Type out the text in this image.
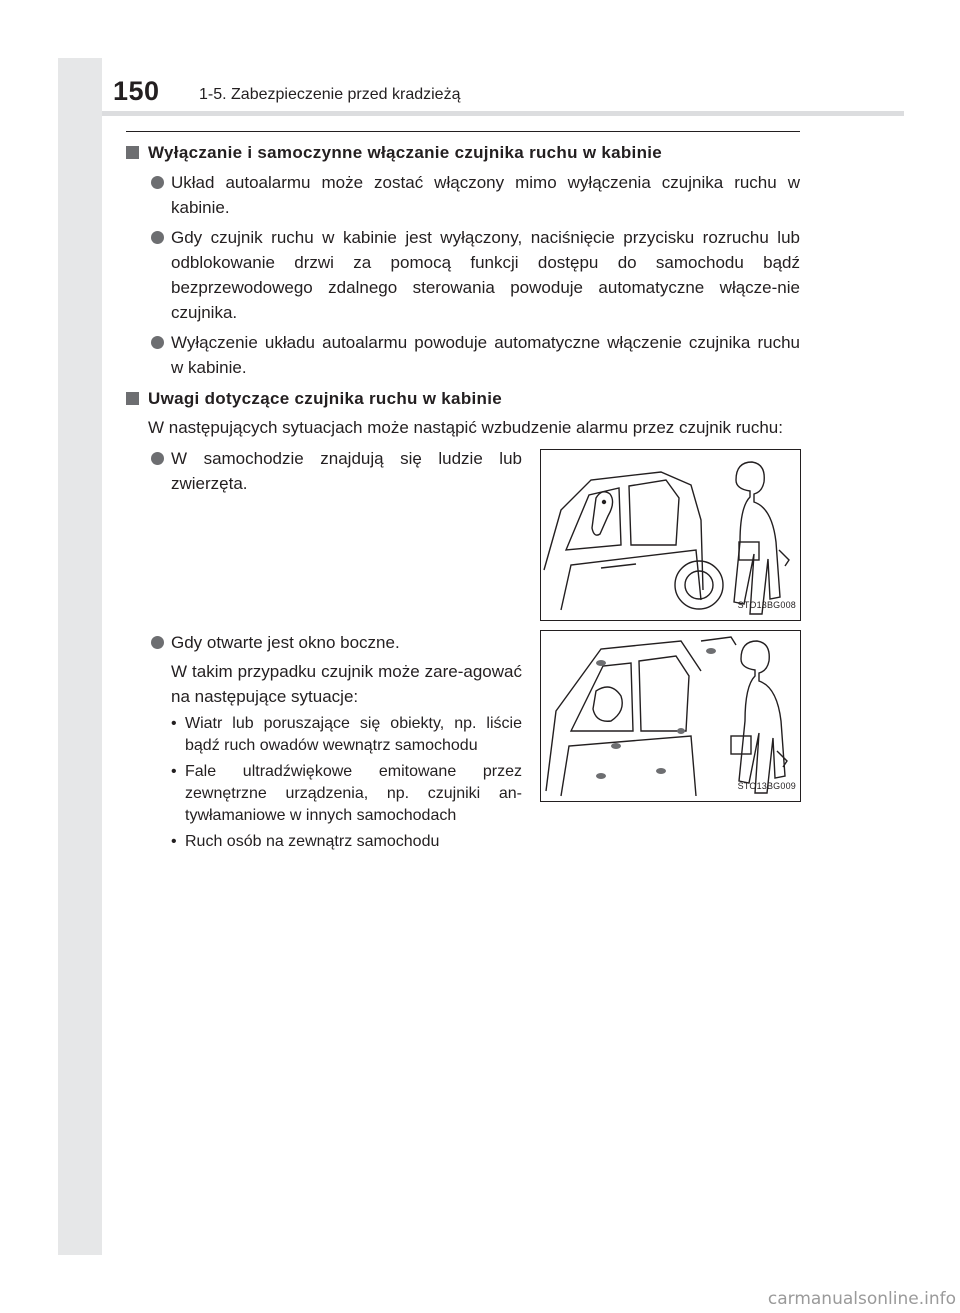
150 1-5. Zabezpieczenie przed kradzieżą
Wyłączanie i samoczynne włączanie czujnika ruchu w kabinie
Układ autoalarmu może zostać włączony mimo wyłączenia czujnika ruchu w kabinie.
Gdy czujnik ruchu w kabinie jest wyłączony, naciśnięcie przycisku rozruchu lub odblokowanie drzwi za pomocą funkcji dostępu do samochodu bądź bezprzewodowego zdalnego sterowania powoduje automatyczne włącze-nie czujnika.
Wyłączenie układu autoalarmu powoduje automatyczne włączenie czujnika ruchu w kabinie.
Uwagi dotyczące czujnika ruchu w kabinie
W następujących sytuacjach może nastąpić wzbudzenie alarmu przez czujnik ruchu:
W samochodzie znajdują się ludzie lub zwierzęta.
STO13BG008
Gdy otwarte jest okno boczne.
W takim przypadku czujnik może zare-agować na następujące sytuacje:
• Wiatr lub poruszające się obiekty, np. liście bądź ruch owadów wewnątrz samochodu
• Fale ultradźwiękowe emitowane przez zewnętrzne urządzenia, np. czujniki an-tywłamaniowe w innych samochodach
• Ruch osób na zewnątrz samochodu
STO13BG009
carmanualsonline.info
